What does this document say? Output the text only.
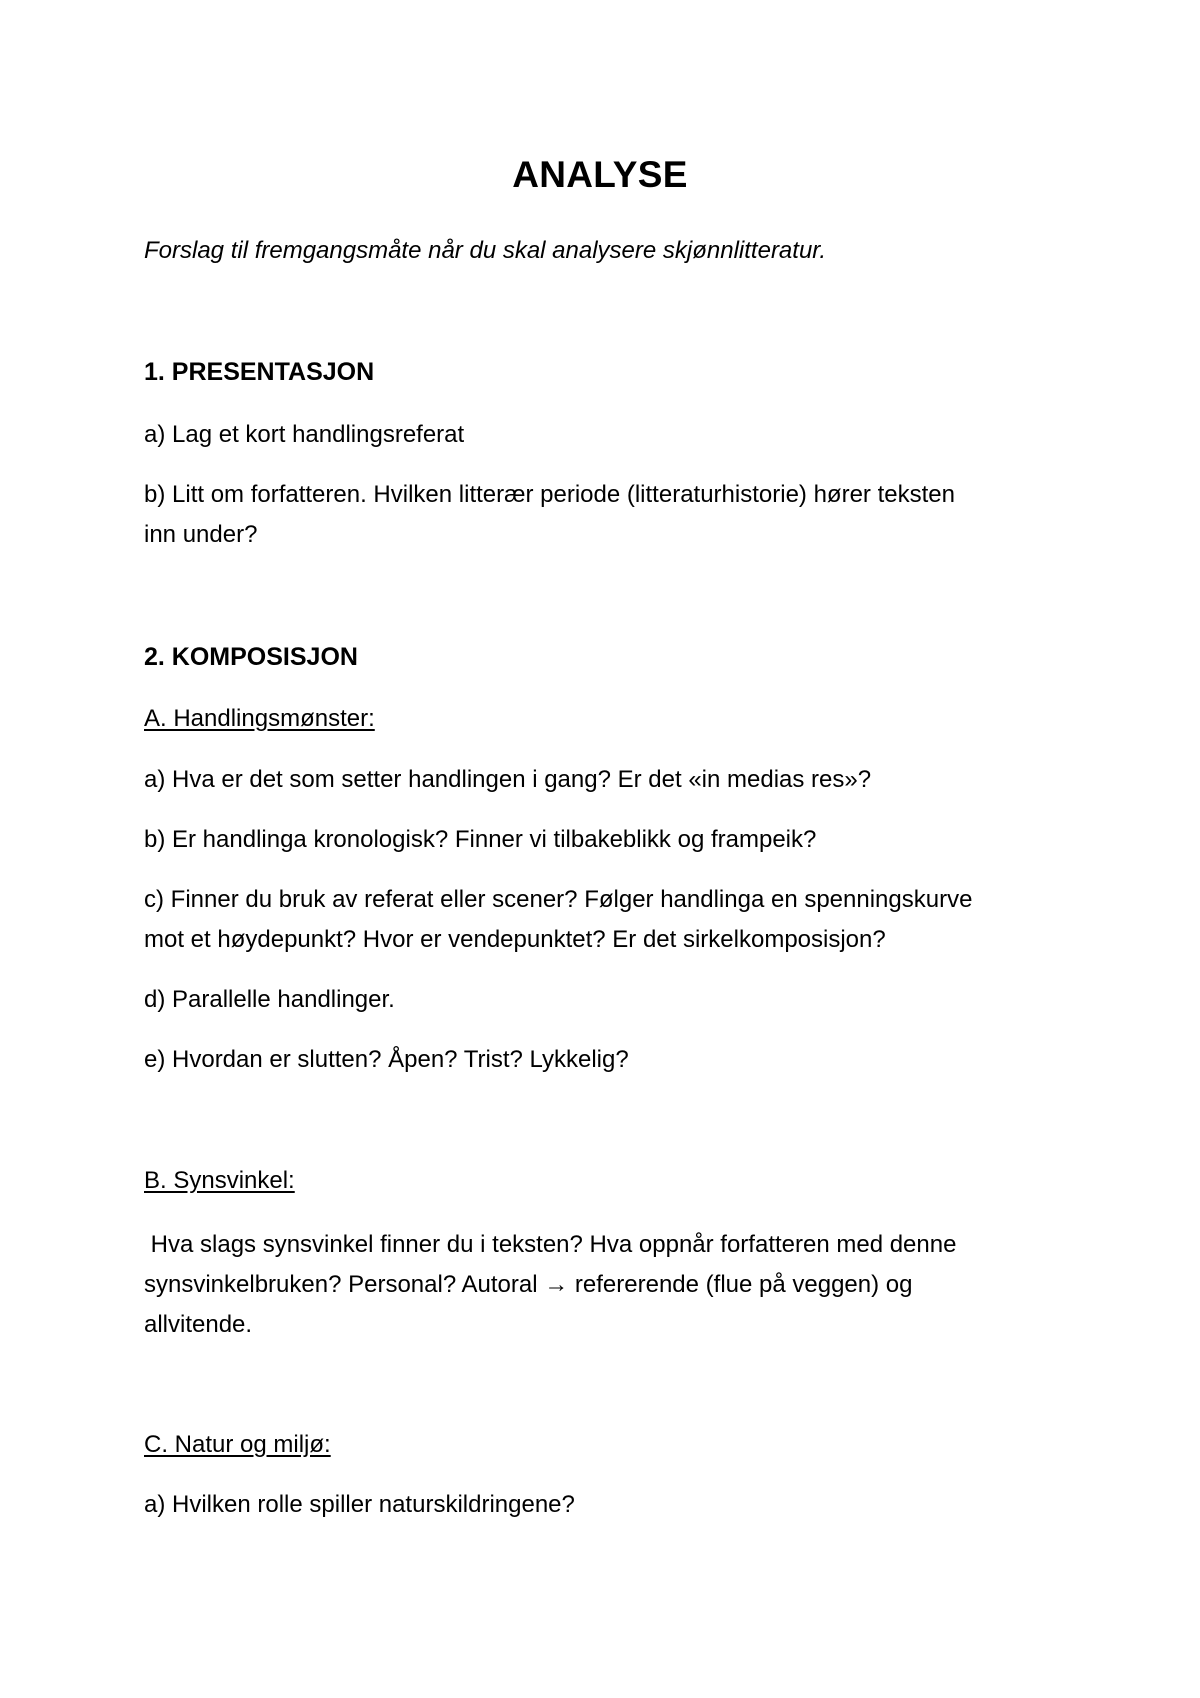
ANALYSE

Forslag til fremgangsmåte når du skal analysere skjønnlitteratur.

1. PRESENTASJON

a) Lag et kort handlingsreferat

b) Litt om forfatteren. Hvilken litterær periode (litteraturhistorie) hører teksten

inn under?

2. KOMPOSISJON

A. Handlingsmønster:

a) Hva er det som setter handlingen i gang? Er det «in medias res»?

b) Er handlinga kronologisk? Finner vi tilbakeblikk og frampeik?

c) Finner du bruk av referat eller scener? Følger handlinga en spenningskurve

mot et høydepunkt? Hvor er vendepunktet? Er det sirkelkomposisjon?

d) Parallelle handlinger.

e) Hvordan er slutten? Åpen? Trist? Lykkelig?

B. Synsvinkel:

Hva slags synsvinkel finner du i teksten? Hva oppnår forfatteren med denne

synsvinkelbruken? Personal? Autoral → refererende (flue på veggen) og

allvitende.

C. Natur og miljø:

a) Hvilken rolle spiller naturskildringene?
